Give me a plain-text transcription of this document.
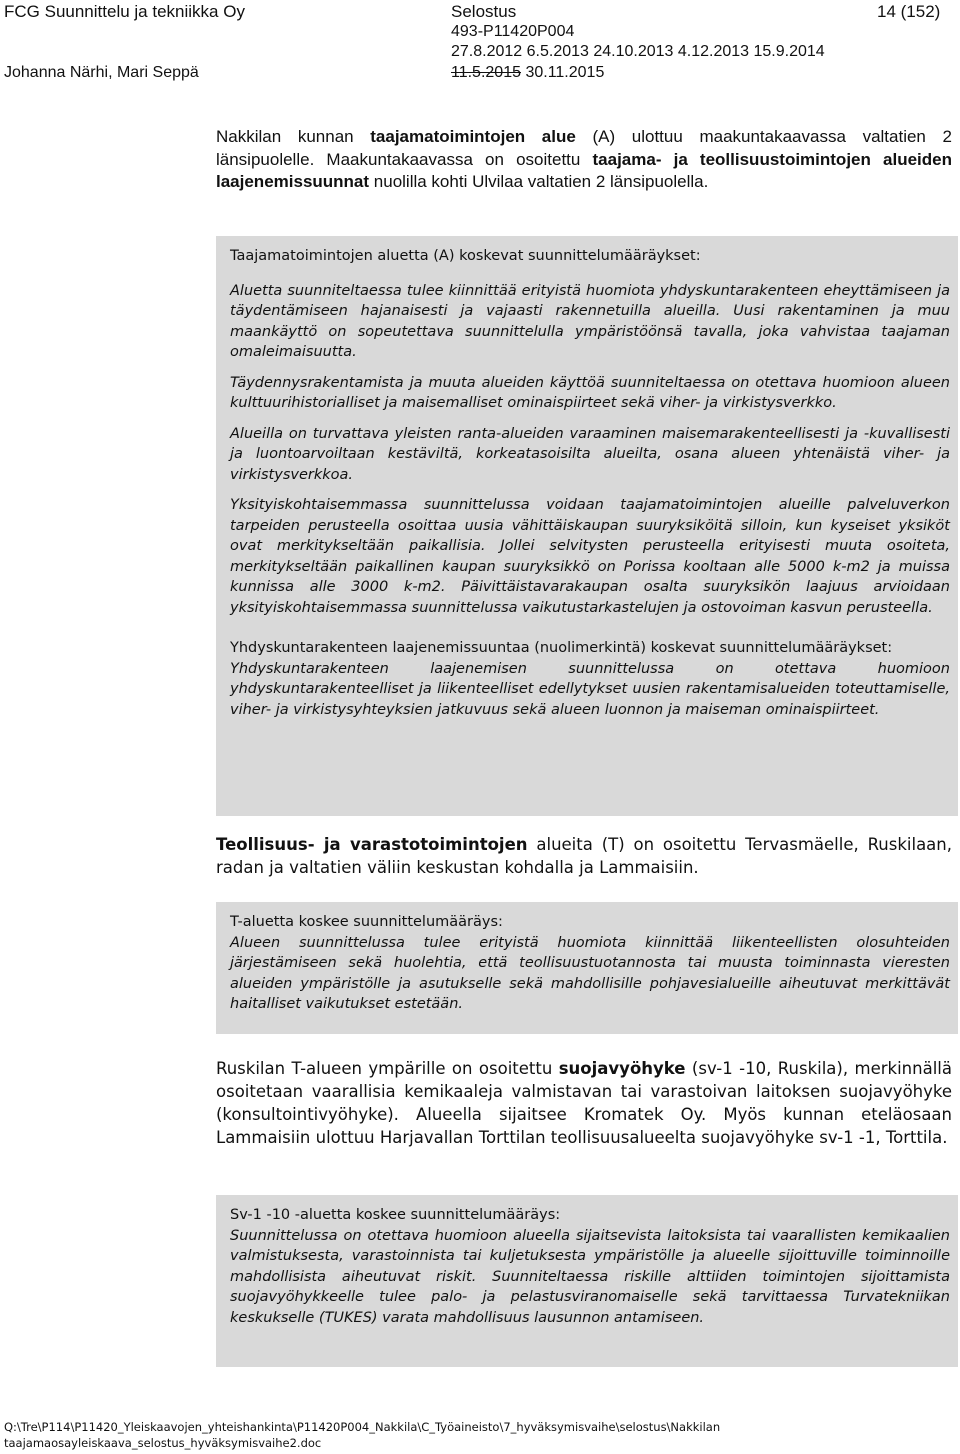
FCG Suunnittelu ja tekniikka Oy
Johanna Närhi, Mari Seppä
Selostus
493-P11420P004
27.8.2012 6.5.2013 24.10.2013 4.12.2013 15.9.2014
11.5.2015 30.11.2015
14 (152)
Nakkilan kunnan taajamatoimintojen alue (A) ulottuu maakuntakaavassa valtatien 2 länsipuolelle. Maakuntakaavassa on osoitettu taajama- ja teollisuustoimintojen alueiden laajenemissuunnat nuolilla kohti Ulvilaa valtatien 2 länsipuolella.

Taajamatoimintojen aluetta (A) koskevat suunnittelumääräykset:

Aluetta suunniteltaessa tulee kiinnittää erityistä huomiota yhdyskuntarakenteen eheyttämiseen ja täydentämiseen hajanaisesti ja vajaasti rakennetuilla alueilla. Uusi rakentaminen ja muu maankäyttö on sopeutettava suunnittelulla ympäristöönsä tavalla, joka vahvistaa taajaman omaleimaisuutta.

Täydennysrakentamista ja muuta alueiden käyttöä suunniteltaessa on otettava huomioon alueen kulttuurihistorialliset ja maisemalliset ominaispiirteet sekä viher- ja virkistysverkko.

Alueilla on turvattava yleisten ranta-alueiden varaaminen maisemarakenteellisesti ja -kuvallisesti ja luontoarvoiltaan kestäviltä, korkeatasoisilta alueilta, osana alueen yhtenäistä viher- ja virkistysverkkoa.

Yksityiskohtaisemmassa suunnittelussa voidaan taajamatoimintojen alueille palveluverkon tarpeiden perusteella osoittaa uusia vähittäiskaupan suuryksiköitä silloin, kun kyseiset yksiköt ovat merkitykseltään paikallisia. Jollei selvitysten perusteella erityisesti muuta osoiteta, merkitykseltään paikallinen kaupan suuryksikkö on Porissa kooltaan alle 5000 k-m2 ja muissa kunnissa alle 3000 k-m2. Päivittäistavarakaupan osalta suuryksikön laajuus arvioidaan yksityiskohtaisemmassa suunnittelussa vaikutustarkastelujen ja ostovoiman kasvun perusteella.

Yhdyskuntarakenteen laajenemissuuntaa (nuolimerkintä) koskevat suunnittelumääräykset:

Yhdyskuntarakenteen laajenemisen suunnittelussa on otettava huomioon yhdyskuntarakenteelliset ja liikenteelliset edellytykset uusien rakentamisalueiden toteuttamiselle, viher- ja virkistysyhteyksien jatkuvuus sekä alueen luonnon ja maiseman ominaispiirteet.

Teollisuus- ja varastotoimintojen alueita (T) on osoitettu Tervasmäelle, Ruskilaan, radan ja valtatien väliin keskustan kohdalla ja Lammaisiin.

T-aluetta koskee suunnittelumääräys:

Alueen suunnittelussa tulee erityistä huomiota kiinnittää liikenteellisten olosuhteiden järjestämiseen sekä huolehtia, että teollisuustuotannosta tai muusta toiminnasta vieresten alueiden ympäristölle ja asutukselle sekä mahdollisille pohjavesialueille aiheutuvat merkittävät haitalliset vaikutukset estetään.

Ruskilan T-alueen ympärille on osoitettu suojavyöhyke (sv-1 -10, Ruskila), merkinnällä osoitetaan vaarallisia kemikaaleja valmistavan tai varastoivan laitoksen suojavyöhyke (konsultointivyöhyke). Alueella sijaitsee Kromatek Oy. Myös kunnan eteläosaan Lammaisiin ulottuu Harjavallan Torttilan teollisuusalueelta suojavyöhyke sv-1 -1, Torttila.

Sv-1 -10 -aluetta koskee suunnittelumääräys:

Suunnittelussa on otettava huomioon alueella sijaitsevista laitoksista tai vaarallisten kemikaalien valmistuksesta, varastoinnista tai kuljetuksesta ympäristölle ja alueelle sijoittuville toiminnoille mahdollisista aiheutuvat riskit. Suunniteltaessa riskille alttiiden toimintojen sijoittamista suojavyöhykkeelle tulee palo- ja pelastusviranomaiselle sekä tarvittaessa Turvatekniikan keskukselle (TUKES) varata mahdollisuus lausunnon antamiseen.

Q:\Tre\P114\P11420_Yleiskaavojen_yhteishankinta\P11420P004_Nakkila\C_Työaineisto\7_hyväksymisvaihe\selostus\Nakkilan
taajamaosayleiskaava_selostus_hyväksymisvaihe2.doc
